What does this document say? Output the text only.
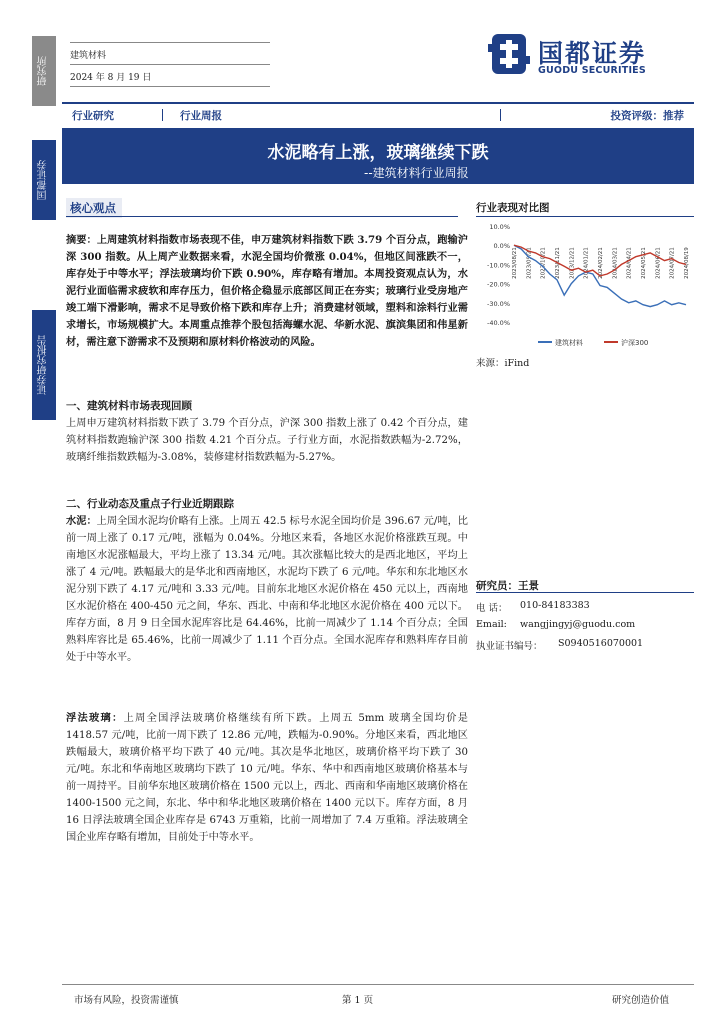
研究所
国都证券
证券研究报告
建筑材料
2024 年 8 月 19 日
国都证券
GUODU SECURITIES
行业研究	行业周报	投资评级：推荐
水泥略有上涨，玻璃继续下跌
--建筑材料行业周报
核心观点
摘要：上周建筑材料指数市场表现不佳，申万建筑材料指数下跌 3.79 个百分点，跑输沪深 300 指数。从上周产业数据来看，水泥全国均价微涨 0.04%，但地区间涨跌不一，库存处于中等水平；浮法玻璃均价下跌 0.90%，库存略有增加。本周投资观点认为，水泥行业面临需求疲软和库存压力，但价格企稳显示底部区间正在夯实；玻璃行业受房地产竣工端下滑影响，需求不足导致价格下跌和库存上升；消费建材领域，塑料和涂料行业需求增长，市场规模扩大。本周重点推荐个股包括海螺水泥、华新水泥、旗滨集团和伟星新材，需注意下游需求不及预期和原材料价格波动的风险。
一、建筑材料市场表现回顾
上周申万建筑材料指数下跌了 3.79 个百分点，沪深 300 指数上涨了 0.42 个百分点，建筑材料指数跑输沪深 300 指数 4.21 个百分点。子行业方面，水泥指数跌幅为-2.72%，玻璃纤维指数跌幅为-3.08%，装修建材指数跌幅为-5.27%。
二、行业动态及重点子行业近期跟踪
水泥：上周全国水泥均价略有上涨。上周五 42.5 标号水泥全国均价是 396.67 元/吨，比前一周上涨了 0.17 元/吨，涨幅为 0.04%。分地区来看，各地区水泥价格涨跌互现。中南地区水泥涨幅最大，平均上涨了 13.34 元/吨。其次涨幅比较大的是西北地区，平均上涨了 4 元/吨。跌幅最大的是华北和西南地区，水泥均下跌了 6 元/吨。华东和东北地区水泥分别下跌了 4.17 元/吨和 3.33 元/吨。目前东北地区水泥价格在 450 元以上，西南地区水泥价格在 400-450 元之间，华东、西北、中南和华北地区水泥价格在 400 元以下。库存方面，8 月 9 日全国水泥库容比是 64.46%，比前一周减少了 1.14 个百分点；全国熟料库容比是 65.46%，比前一周减少了 1.11 个百分点。全国水泥库存和熟料库存目前处于中等水平。
浮法玻璃：上周全国浮法玻璃价格继续有所下跌。上周五 5mm 玻璃全国均价是 1418.57 元/吨，比前一周下跌了 12.86 元/吨，跌幅为-0.90%。分地区来看，西北地区跌幅最大，玻璃价格平均下跌了 40 元/吨。其次是华北地区，玻璃价格平均下跌了 30 元/吨。东北和华南地区玻璃均下跌了 10 元/吨。华东、华中和西南地区玻璃价格基本与前一周持平。目前华东地区玻璃价格在 1500 元以上，西北、西南和华南地区玻璃价格在 1400-1500 元之间，东北、华中和华北地区玻璃价格在 1400 元以下。库存方面，8 月 16 日浮法玻璃全国企业库存是 6743 万重箱，比前一周增加了 7.4 万重箱。浮法玻璃全国企业库存略有增加，目前处于中等水平。
行业表现对比图
10.0%
0.0%
-10.0%
-20.0%
-30.0%
-40.0%
2023/08/21 2023/09/21 2023/10/21 2023/11/21 2023/12/21 2024/01/21 2024/02/21 2024/03/21 2024/04/21 2024/05/21 2024/06/21 2024/07/21 2024/08/19
建筑材料	沪深300
来源：iFind
研究员：王景
电 话： 010-84183383
Email: wangjingyj@guodu.com
执业证书编号： S0940516070001
市场有风险，投资需谨慎	第 1 页	研究创造价值
